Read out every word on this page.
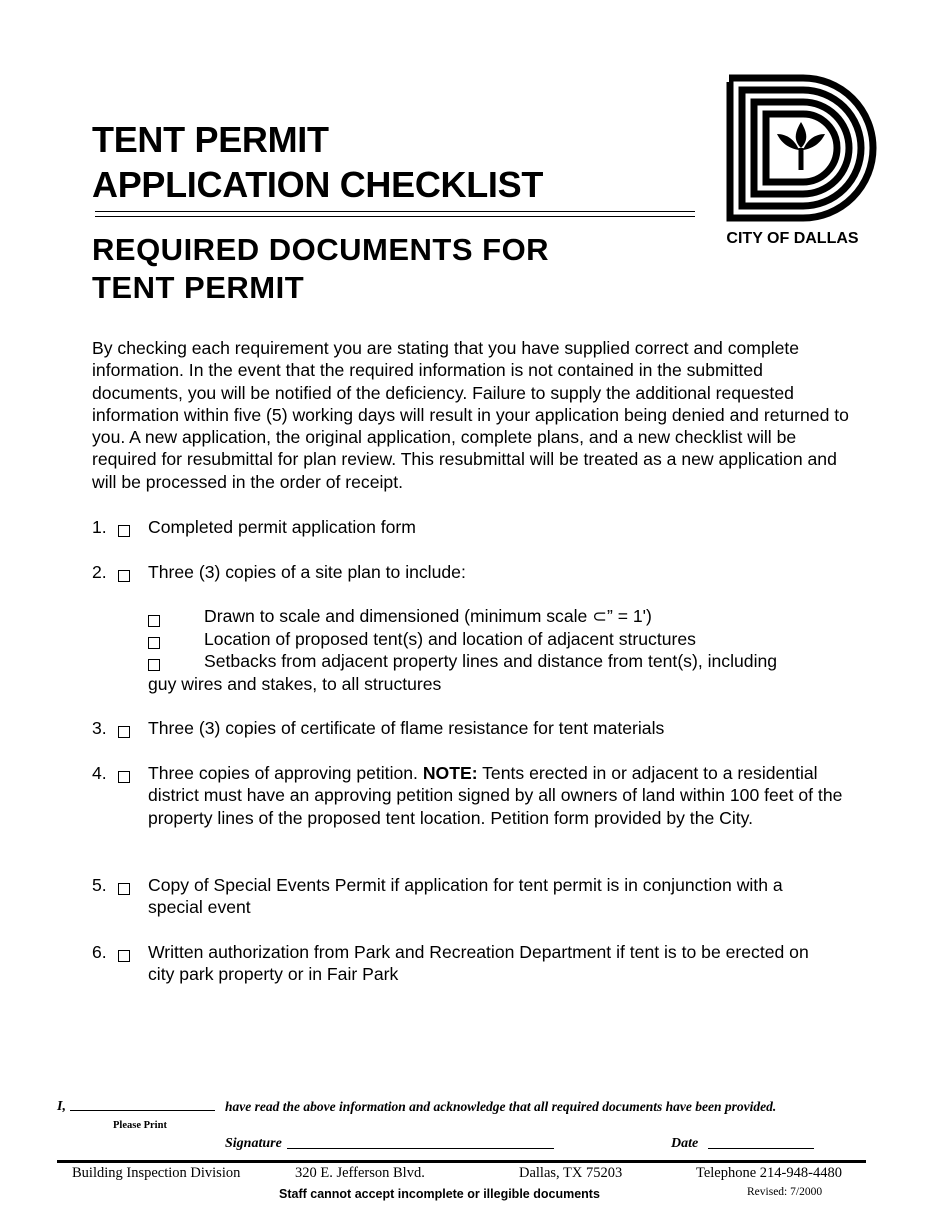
TENT PERMIT
APPLICATION CHECKLIST
REQUIRED DOCUMENTS FOR
TENT PERMIT
CITY OF DALLAS

By checking each requirement you are stating that you have supplied correct and complete information. In the event that the required information is not contained in the submitted documents, you will be notified of the deficiency. Failure to supply the additional requested information within five (5) working days will result in your application being denied and returned to you. A new application, the original application, complete plans, and a new checklist will be required for resubmittal for plan review. This resubmittal will be treated as a new application and will be processed in the order of receipt.

1. Completed permit application form
2. Three (3) copies of a site plan to include:
Drawn to scale and dimensioned (minimum scale ⊂” = 1')
Location of proposed tent(s) and location of adjacent structures
Setbacks from adjacent property lines and distance from tent(s), including
guy wires and stakes, to all structures
3. Three (3) copies of certificate of flame resistance for tent materials
4. Three copies of approving petition. NOTE: Tents erected in or adjacent to a residential district must have an approving petition signed by all owners of land within 100 feet of the property lines of the proposed tent location. Petition form provided by the City.
5. Copy of Special Events Permit if application for tent permit is in conjunction with a special event
6. Written authorization from Park and Recreation Department if tent is to be erected on city park property or in Fair Park
I,	have read the above information and acknowledge that all required documents have been provided.
Please Print
Signature	Date
Building Inspection Division	320 E. Jefferson Blvd.	Dallas, TX 75203	Telephone 214-948-4480
Staff cannot accept incomplete or illegible documents	Revised: 7/2000
